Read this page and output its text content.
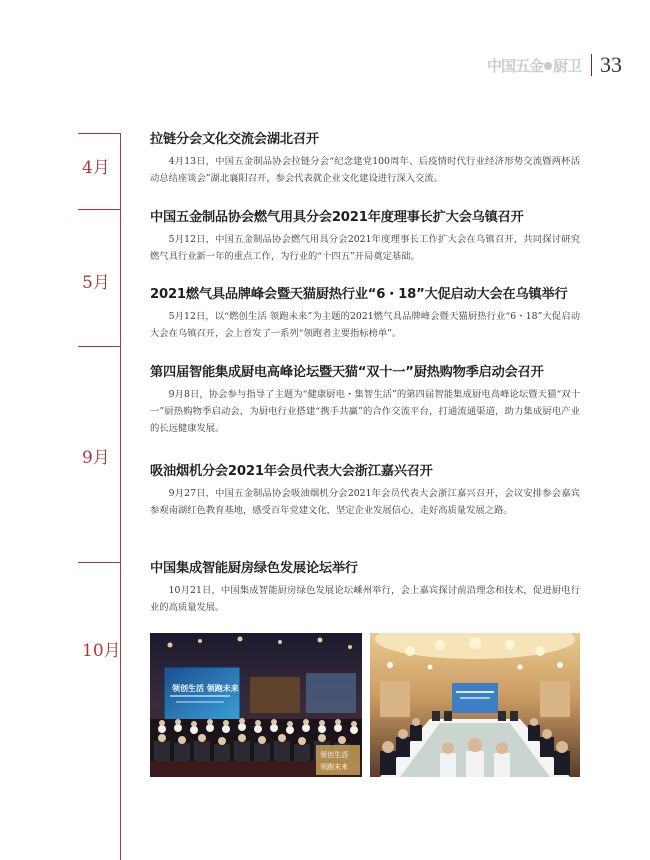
中国五金 厨卫 33
4月
5月
9月
10月
拉链分会文化交流会湖北召开

4月13日，中国五金制品协会拉链分会“纪念建党100周年、后疫情时代行业经济形势交流暨两杯活动总结座谈会”湖北襄阳召开，参会代表就企业文化建设进行深入交流。

中国五金制品协会燃气用具分会2021年度理事长扩大会乌镇召开

5月12日，中国五金制品协会燃气用具分会2021年度理事长工作扩大会在乌镇召开，共同探讨研究燃气具行业新一年的重点工作，为行业的“十四五”开局奠定基础。

2021燃气具品牌峰会暨天猫厨热行业“6・18”大促启动大会在乌镇举行

5月12日，以“燃创生活 领跑未来”为主题的2021燃气具品牌峰会暨天猫厨热行业“6・18”大促启动大会在乌镇召开，会上首发了一系列“领跑者主要指标榜单”。

第四届智能集成厨电高峰论坛暨天猫“双十一”厨热购物季启动会召开

9月8日，协会参与指导了主题为“健康厨电・集智生活”的第四届智能集成厨电高峰论坛暨天猫“双十一”厨热购物季启动会，为厨电行业搭建“携手共赢”的合作交流平台，打通流通渠道，助力集成厨电产业的长远健康发展。

吸油烟机分会2021年会员代表大会浙江嘉兴召开

9月27日，中国五金制品协会吸油烟机分会2021年会员代表大会浙江嘉兴召开，会议安排参会嘉宾参观南湖红色教育基地，感受百年党建文化，坚定企业发展信心，走好高质量发展之路。

中国集成智能厨房绿色发展论坛举行

10月21日，中国集成智能厨房绿色发展论坛嵊州举行，会上嘉宾探讨前沿理念和技术，促进厨电行业的高质量发展。

领创生活 领跑未来
领创生活
领跑未来
